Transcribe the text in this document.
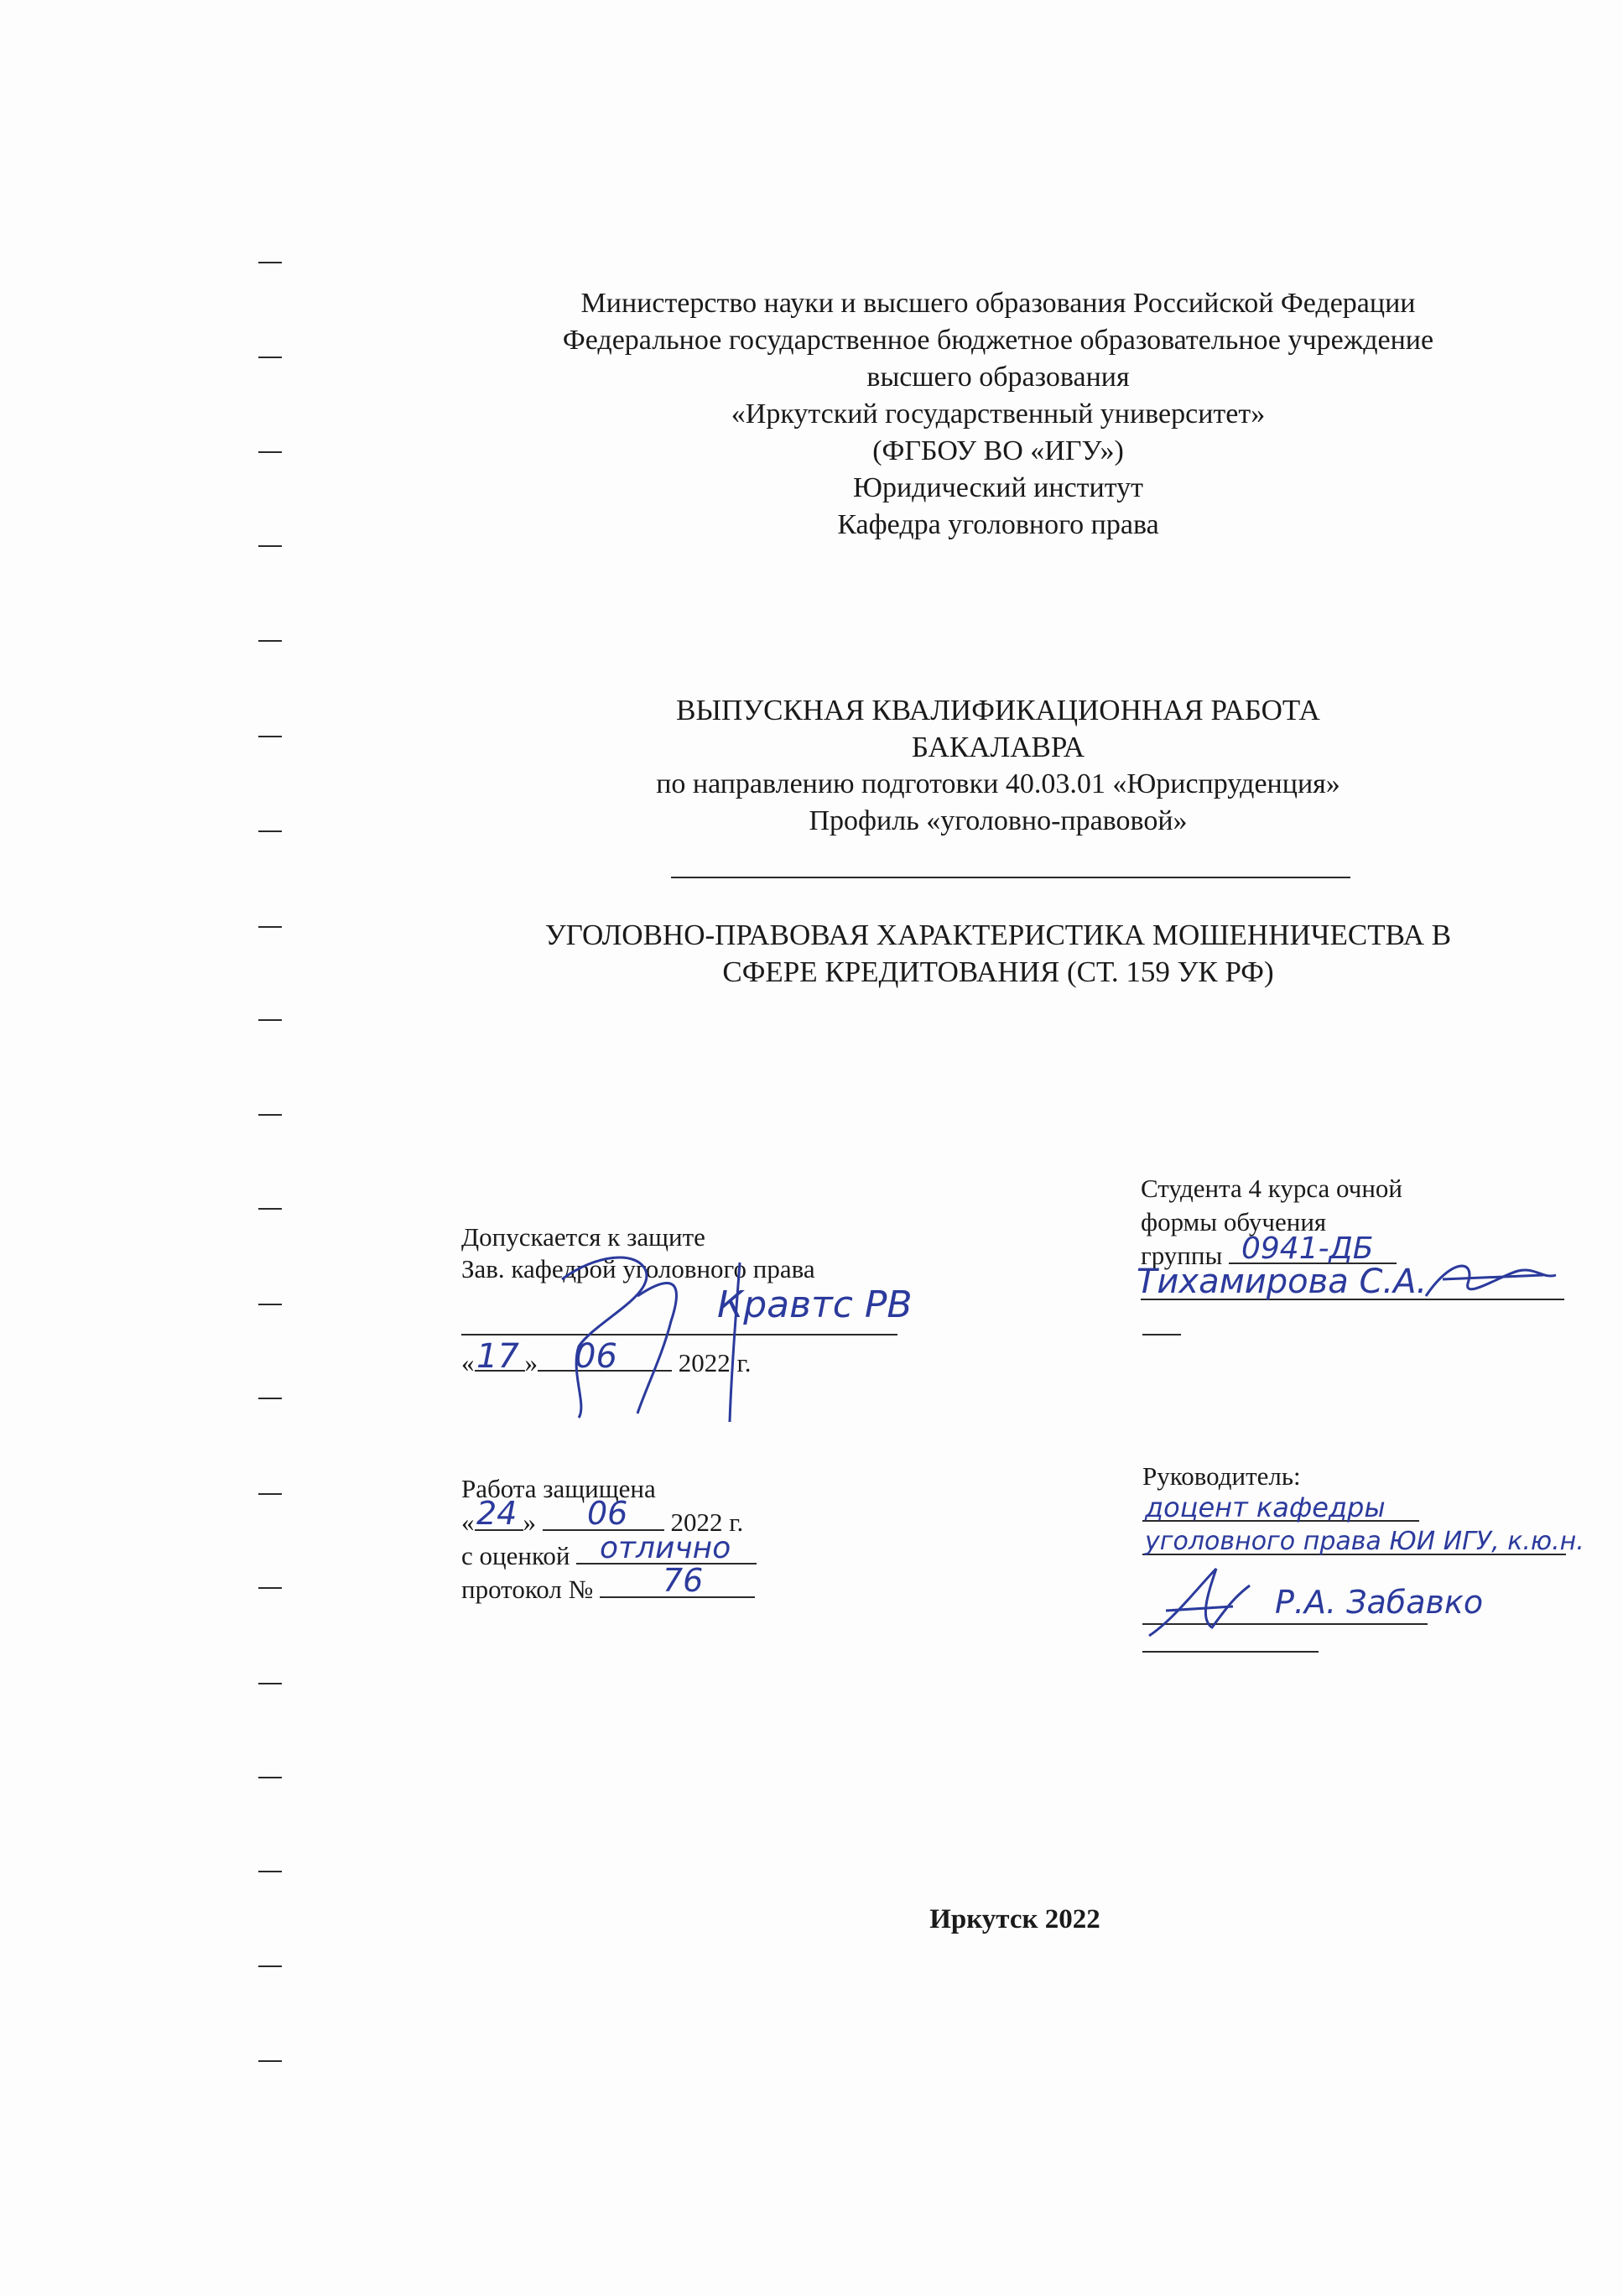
Министерство науки и высшего образования Российской Федерации
Федеральное государственное бюджетное образовательное учреждение
высшего образования
«Иркутский государственный университет»
(ФГБОУ ВО «ИГУ»)
Юридический институт
Кафедра уголовного права
ВЫПУСКНАЯ КВАЛИФИКАЦИОННАЯ РАБОТА
БАКАЛАВРА
по направлению подготовки 40.03.01 «Юриспруденция»
Профиль «уголовно-правовой»
УГОЛОВНО-ПРАВОВАЯ ХАРАКТЕРИСТИКА МОШЕННИЧЕСТВА В
СФЕРЕ КРЕДИТОВАНИЯ (СТ. 159 УК РФ)
Допускается к защите
Зав. кафедрой уголовного права
Кравтс РВ
« »	2022 г.
17 06
Студента 4 курса очной
формы обучения
группы 0941-ДБ
Тихамирова С.А.
Работа защищена
« »	2022 г.
24 06
с оценкой отлично
протокол №	76
Руководитель:
доцент кафедры
уголовного права ЮИ ИГУ, к.ю.н.
Р.А. Забавко
Иркутск 2022
